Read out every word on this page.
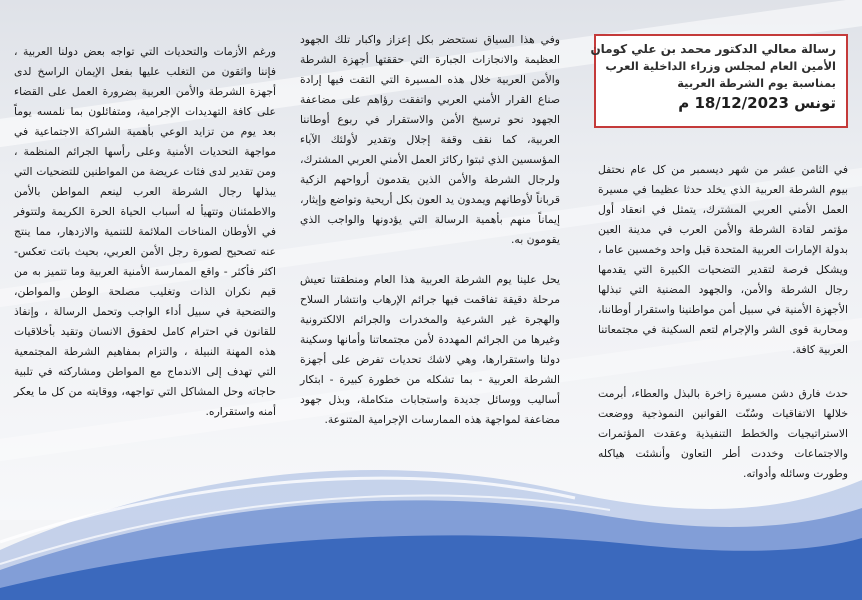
رسالة معالي الدكتور محمد بن علي كومان
الأمين العام لمجلس وزراء الداخلية العرب
بمناسبة يوم الشرطة العربية
تونس 18/12/2023 م

في الثامن عشر من شهر ديسمبر من كل عام نحتفل بيوم الشرطة العربية الذي يخلد حدثا عظيما في مسيرة العمل الأمني العربي المشترك، يتمثل في انعقاد أول مؤتمر لقادة الشرطة والأمن العرب في مدينة العين بدولة الإمارات العربية المتحدة قبل واحد وخمسين عاما ، ويشكل فرصة لتقدير التضحيات الكبيرة التي يقدمها رجال الشرطة والأمن، والجهود المضنية التي تبذلها الأجهزة الأمنية في سبيل أمن مواطنينا واستقرار أوطاننا، ومحاربة قوى الشر والإجرام لتعم السكينة في مجتمعاتنا العربية كافة.

حدث فارق دشن مسيرة زاخرة بالبذل والعطاء، أبرمت خلالها الاتفاقيات وسُنّت القوانين النموذجية ووضعت الاستراتيجيات والخطط التنفيذية وعقدت المؤتمرات والاجتماعات وخددت أطر التعاون وأنشئت هياكله وطورت وسائله وأدواته.

وفي هذا السياق نستحضر بكل إعزاز واكبار تلك الجهود العظيمة والانجازات الجبارة التي حققتها أجهزة الشرطة والأمن العربية خلال هذه المسيرة التي التقت فيها إرادة صناع القرار الأمني العربي واتفقت رؤاهم على مضاعفة الجهود نحو ترسيخ الأمن والاستقرار في ربوع أوطاننا العربية، كما نقف وقفة إجلال وتقدير لأولئك الآباء المؤسسين الذي ثبتوا ركائز العمل الأمني العربي المشترك، ولرجال الشرطة والأمن الذين يقدمون أرواحهم الزكية قرباناً لأوطانهم ويمدون يد العون بكل أريحية وتواضع وإيثار، إيماناً منهم بأهمية الرسالة التي يؤدونها والواجب الذي يقومون به.

يحل علينا يوم الشرطة العربية هذا العام ومنطقتنا تعيش مرحلة دقيقة تفاقمت فيها جرائم الإرهاب وانتشار السلاح والهجرة غير الشرعية والمخدرات والجرائم الالكترونية وغيرها من الجرائم المهددة لأمن مجتمعاتنا وأمانها وسكينة دولنا واستقرارها، وهي لاشك تحديات تفرض على أجهزة الشرطة العربية - بما تشكله من خطورة كبيرة - ابتكار أساليب ووسائل جديدة واستجابات متكاملة، وبذل جهود مضاعفة لمواجهة هذه الممارسات الإجرامية المتنوعة.

ورغم الأزمات والتحديات التي تواجه بعض دولنا العربية ، فإننا واثقون من التغلب عليها بفعل الإيمان الراسخ لدى أجهزة الشرطة والأمن العربية بضرورة العمل على القضاء على كافة التهديدات الإجرامية، ومتفائلون بما نلمسه يوماً بعد يوم من تزايد الوعي بأهمية الشراكة الاجتماعية في مواجهة التحديات الأمنية وعلى رأسها الجرائم المنظمة ، ومن تقدير لدى فئات عريضة من المواطنين للتضحيات التي يبذلها رجال الشرطة العرب لينعم المواطن بالأمن والاطمئنان وتتهيأ له أسباب الحياة الحرة الكريمة ولتتوفر في الأوطان المناخات الملائمة للتنمية والازدهار، مما ينتج عنه تصحيح لصورة رجل الأمن العربي، بحيث باتت تعكس- اكثر فأكثر - واقع الممارسة الأمنية العربية وما تتميز به من قيم نكران الذات وتغليب مصلحة الوطن والمواطن، والتضحية في سبيل أداء الواجب وتحمل الرسالة ، وإنفاذ للقانون في احترام كامل لحقوق الانسان وتقيد بأخلاقيات هذه المهنة النبيلة ، والتزام بمفاهيم الشرطة المجتمعية التي تهدف إلى الاندماج مع المواطن ومشاركته في تلبية حاجاته وحل المشاكل التي تواجهه، ووقايته من كل ما يعكر أمنه واستقراره.
